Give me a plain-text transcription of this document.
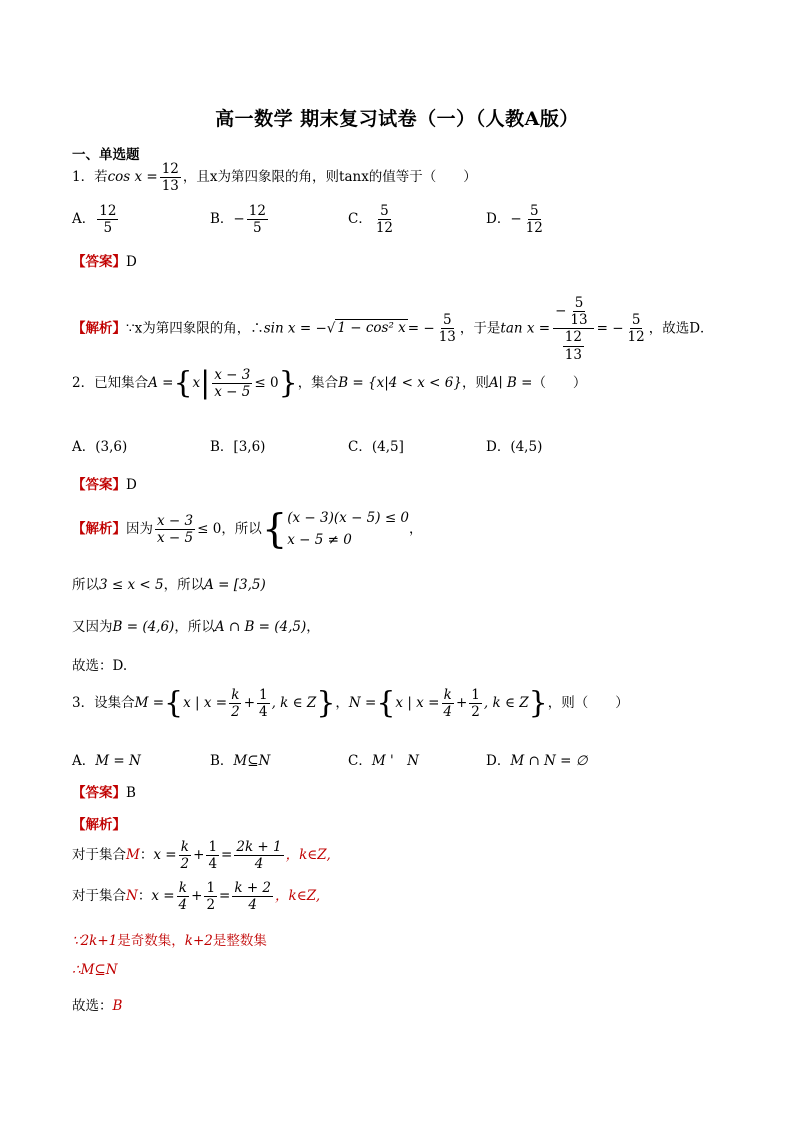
高一数学 期末复习试卷（一）（人教A版）
一、单选题
1．若$\cos x = \frac{12}{13}$ ，且x为第四象限的角，则tanx的值等于（　　）
A． $\frac{12}{5}$	B．− $\frac{12}{5}$	C． $\frac{5}{12}$	D．− $\frac{5}{12}$
【答案】D
【解析】∵x为第四象限的角，∴sin x = −√ 1 − cos² x = − $\frac{5}{13}$ ，于是$\tan x = \frac{- \frac{5}{13}}{\frac{12}{13}}$ = − $\frac{5}{12}$ ，故选D．
2．已知集合$A =\{x| \frac{x - 3}{x - 5} \le 0\}$，集合B = {x|4 < x < 6}，则A∣ B =（　　）
A．(3,6)	B．[3,6)	C．(4,5]	D．(4,5)
【答案】D
【解析】因为 $\frac{x - 3}{x - 5} \le 0$，所以{ (x − 3)(x − 5) ≤ 0
x − 5 ≠ 0
，
所以3 ≤ x < 5，所以A = [3,5)
又因为B = (4,6)，所以A ∩ B = (4,5)，
故选：D.
3．设集合M ={x | $x = \frac{k}{2} + \frac{1}{4}$ , k ∈ Z}，N ={x | $x = \frac{k}{4} + \frac{1}{2}$ , k ∈ Z}，则（　　）
A．M = N	B．M⊆N	C．M '　N	D．M ∩ N = ∅
【答案】B
【解析】
对于集合M：$x = \frac{k}{2} + \frac{1}{4} = \frac{2k + 1}{4}$ ，k∈Z,
对于集合N：$x = \frac{k}{4} + \frac{1}{2} = \frac{k + 2}{4}$ ，k∈Z,
∵2k+1是奇数集，k+2是整数集
∴M⊆N
故选：B
